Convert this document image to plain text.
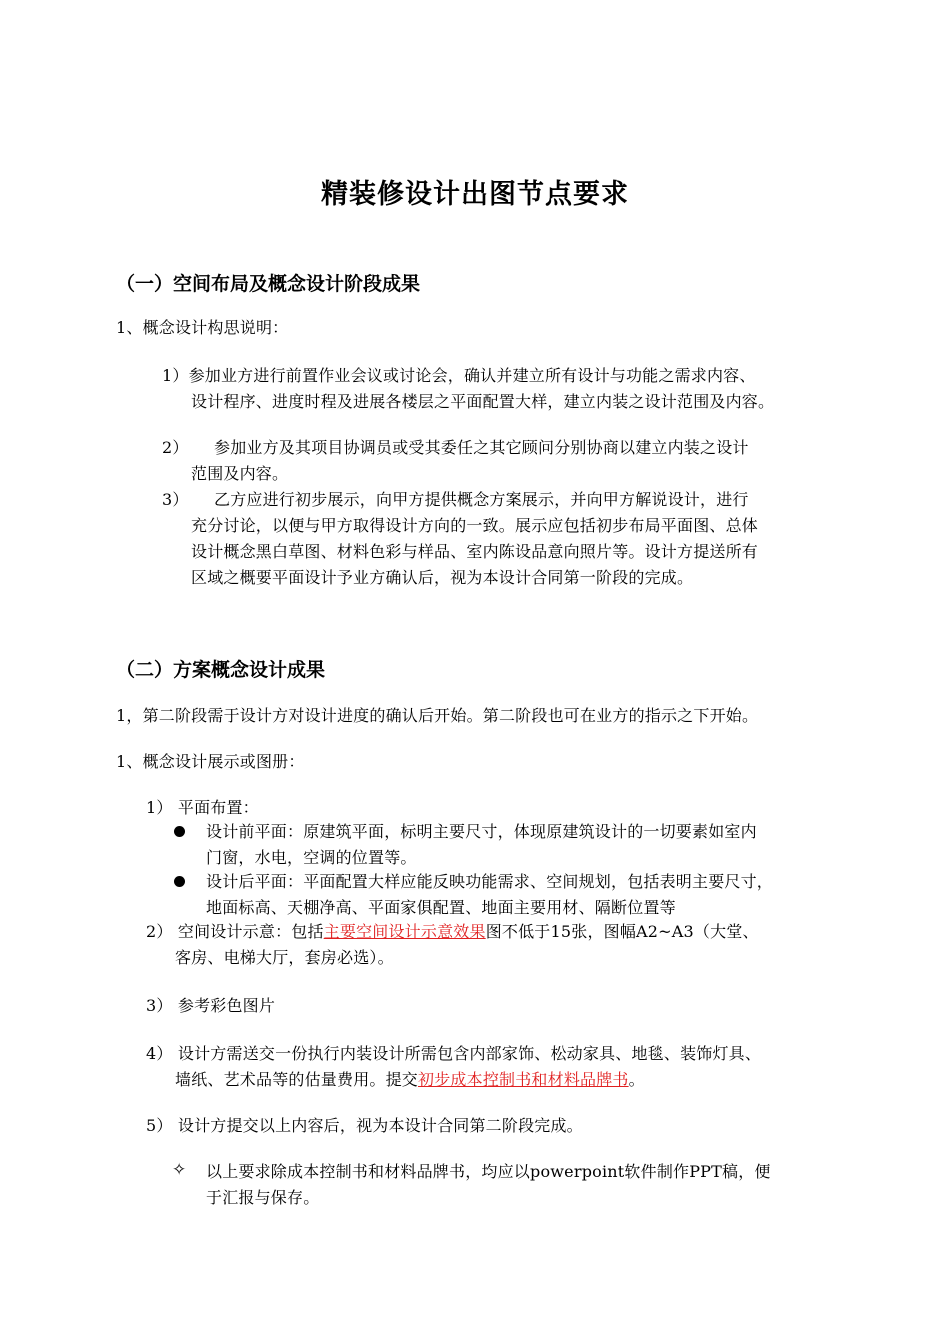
精装修设计出图节点要求
（一）空间布局及概念设计阶段成果
1、概念设计构思说明：
1）参加业方进行前置作业会议或讨论会，确认并建立所有设计与功能之需求内容、
设计程序、进度时程及进展各楼层之平面配置大样，建立内装之设计范围及内容。
2） 参加业方及其项目协调员或受其委任之其它顾问分别协商以建立内装之设计
范围及内容。
3） 乙方应进行初步展示，向甲方提供概念方案展示，并向甲方解说设计，进行
充分讨论，以便与甲方取得设计方向的一致。展示应包括初步布局平面图、总体
设计概念黑白草图、材料色彩与样品、室内陈设品意向照片等。设计方提送所有
区域之概要平面设计予业方确认后，视为本设计合同第一阶段的完成。
（二）方案概念设计成果
1，第二阶段需于设计方对设计进度的确认后开始。第二阶段也可在业方的指示之下开始。
1、概念设计展示或图册：
1） 平面布置：
设计前平面：原建筑平面，标明主要尺寸，体现原建筑设计的一切要素如室内
门窗，水电，空调的位置等。
设计后平面：平面配置大样应能反映功能需求、空间规划，包括表明主要尺寸，
地面标高、天棚净高、平面家俱配置、地面主要用材、隔断位置等
2） 空间设计示意：包括主要空间设计示意效果图不低于15张，图幅A2~A3（大堂、
客房、电梯大厅，套房必选）。
3） 参考彩色图片
4） 设计方需送交一份执行内装设计所需包含内部家饰、松动家具、地毯、装饰灯具、
墙纸、艺术品等的估量费用。提交初步成本控制书和材料品牌书。
5） 设计方提交以上内容后，视为本设计合同第二阶段完成。
✧ 以上要求除成本控制书和材料品牌书，均应以powerpoint软件制作PPT稿，便
于汇报与保存。
